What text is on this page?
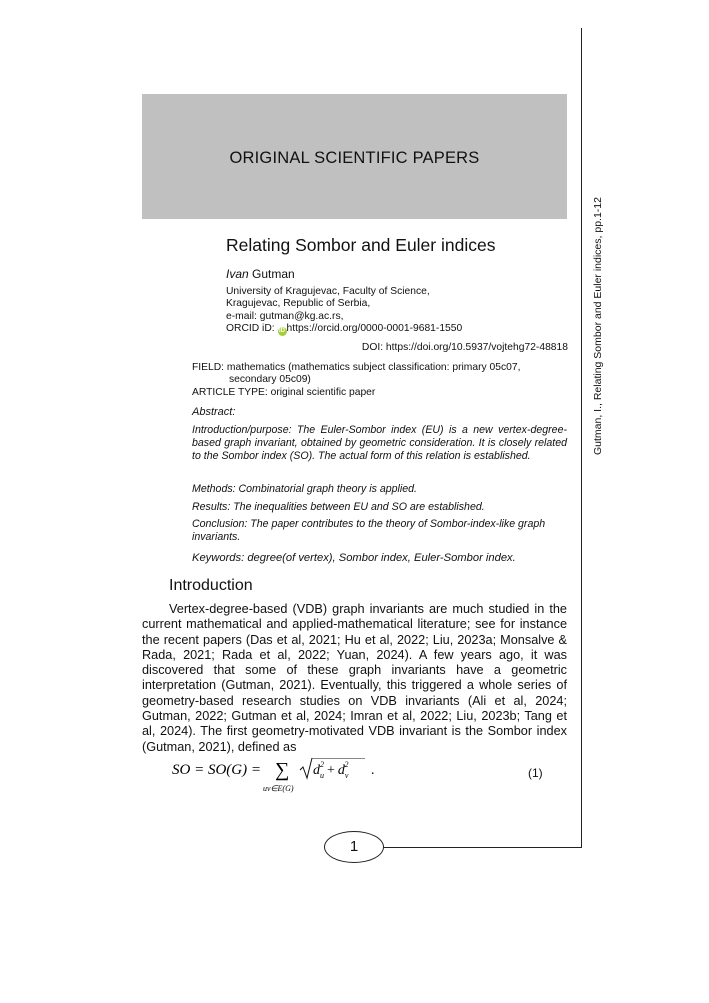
ORIGINAL SCIENTIFIC PAPERS
Gutman, I., Relating Sombor and Euler indices, pp.1-12
Relating Sombor and Euler indices
Ivan Gutman
University of Kragujevac, Faculty of Science,
Kragujevac, Republic of Serbia,
e-mail: gutman@kg.ac.rs,
ORCID iD: iD https://orcid.org/0000-0001-9681-1550
DOI: https://doi.org/10.5937/vojtehg72-48818
FIELD: mathematics (mathematics subject classification: primary 05c07,
secondary 05c09)
ARTICLE TYPE: original scientific paper
Abstract:
Introduction/purpose: The Euler-Sombor index (EU) is a new vertex-degree-based graph invariant, obtained by geometric consideration. It is closely related to the Sombor index (SO). The actual form of this relation is established.
Methods: Combinatorial graph theory is applied.
Results: The inequalities between EU and SO are established.
Conclusion: The paper contributes to the theory of Sombor-index-like graph invariants.
Keywords: degree(of vertex), Sombor index, Euler-Sombor index.
Introduction

Vertex-degree-based (VDB) graph invariants are much studied in the current mathematical and applied-mathematical literature; see for instance the recent papers (Das et al, 2021; Hu et al, 2022; Liu, 2023a; Monsalve & Rada, 2021; Rada et al, 2022; Yuan, 2024). A few years ago, it was discovered that some of these graph invariants have a geometric interpretation (Gutman, 2021). Eventually, this triggered a whole series of geometry-based research studies on VDB invariants (Ali et al, 2024; Gutman, 2022; Gutman et al, 2024; Imran et al, 2022; Liu, 2023b; Tang et al, 2024). The first geometry-motivated VDB invariant is the Sombor index (Gutman, 2021), defined as

SO = SO(G) = ∑
uv∈E(G)
$d_u2 + d_v2$ .	(1)
1
